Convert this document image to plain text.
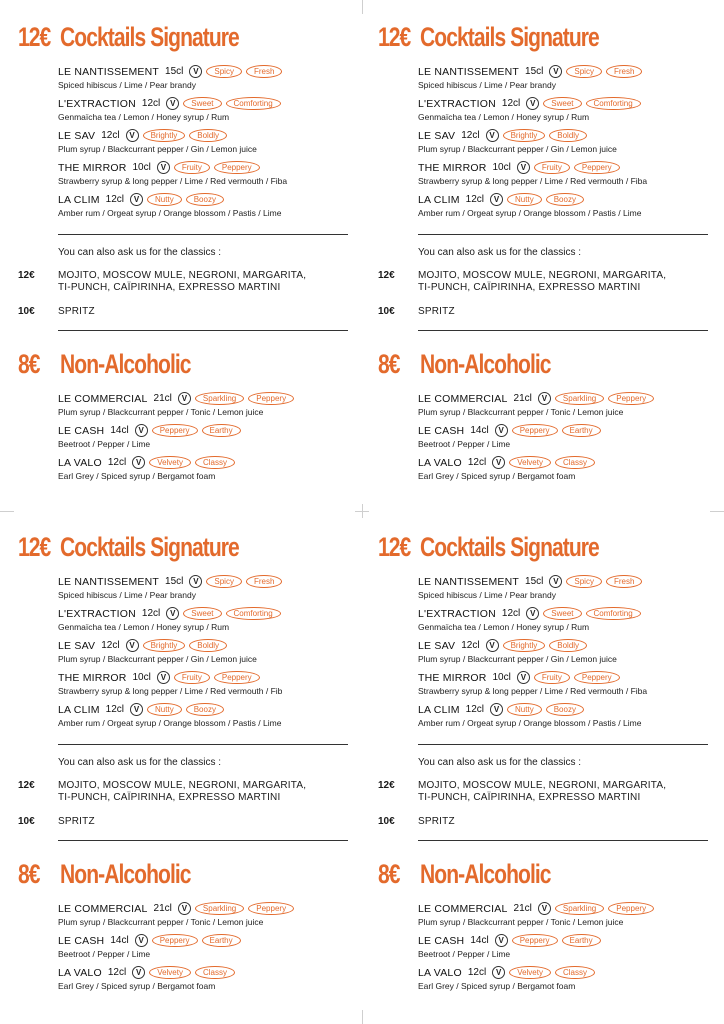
12€ Cocktails Signature
LE NANTISSEMENT 15cl	V	Spicy	Fresh
Spiced hibiscus / Lime / Pear brandy
L'EXTRACTION 12cl	V	Sweet	Comforting
Genmaïcha tea / Lemon / Honey syrup / Rum
LE SAV 12cl	V	Brightly	Boldly
Plum syrup / Blackcurrant pepper / Gin / Lemon juice
THE MIRROR 10cl	V	Fruity	Peppery
Strawberry syrup & long pepper / Lime / Red vermouth / Fiba
LA CLIM 12cl	V	Nutty	Boozy
Amber rum / Orgeat syrup / Orange blossom / Pastis / Lime
You can also ask us for the classics :
12€	MOJITO, MOSCOW MULE, NEGRONI, MARGARITA, TI-PUNCH, CAÏPIRINHA, EXPRESSO MARTINI
10€	SPRITZ
8€ Non-Alcoholic
LE COMMERCIAL 21cl	V	Sparkling	Peppery
Plum syrup / Blackcurrant pepper / Tonic / Lemon juice
LE CASH 14cl	V	Peppery	Earthy
Beetroot / Pepper / Lime
LA VALO 12cl	V	Velvety	Classy
Earl Grey / Spiced syrup / Bergamot foam
12€ Cocktails Signature
LE NANTISSEMENT 15cl	V	Spicy	Fresh
Spiced hibiscus / Lime / Pear brandy
L'EXTRACTION 12cl	V	Sweet	Comforting
Genmaïcha tea / Lemon / Honey syrup / Rum
LE SAV 12cl	V	Brightly	Boldly
Plum syrup / Blackcurrant pepper / Gin / Lemon juice
THE MIRROR 10cl	V	Fruity	Peppery
Strawberry syrup & long pepper / Lime / Red vermouth / Fiba
LA CLIM 12cl	V	Nutty	Boozy
Amber rum / Orgeat syrup / Orange blossom / Pastis / Lime
You can also ask us for the classics :
12€	MOJITO, MOSCOW MULE, NEGRONI, MARGARITA, TI-PUNCH, CAÏPIRINHA, EXPRESSO MARTINI
10€	SPRITZ
8€ Non-Alcoholic
LE COMMERCIAL 21cl	V	Sparkling	Peppery
Plum syrup / Blackcurrant pepper / Tonic / Lemon juice
LE CASH 14cl	V	Peppery	Earthy
Beetroot / Pepper / Lime
LA VALO 12cl	V	Velvety	Classy
Earl Grey / Spiced syrup / Bergamot foam
12€ Cocktails Signature
LE NANTISSEMENT 15cl	V	Spicy	Fresh
Spiced hibiscus / Lime / Pear brandy
L'EXTRACTION 12cl	V	Sweet	Comforting
Genmaïcha tea / Lemon / Honey syrup / Rum
LE SAV 12cl	V	Brightly	Boldly
Plum syrup / Blackcurrant pepper / Gin / Lemon juice
THE MIRROR 10cl	V	Fruity	Peppery
Strawberry syrup & long pepper / Lime / Red vermouth / Fib
LA CLIM 12cl	V	Nutty	Boozy
Amber rum / Orgeat syrup / Orange blossom / Pastis / Lime
You can also ask us for the classics :
12€	MOJITO, MOSCOW MULE, NEGRONI, MARGARITA, TI-PUNCH, CAÏPIRINHA, EXPRESSO MARTINI
10€	SPRITZ
8€ Non-Alcoholic
LE COMMERCIAL 21cl	V	Sparkling	Peppery
Plum syrup / Blackcurrant pepper / Tonic / Lemon juice
LE CASH 14cl	V	Peppery	Earthy
Beetroot / Pepper / Lime
LA VALO 12cl	V	Velvety	Classy
Earl Grey / Spiced syrup / Bergamot foam
12€ Cocktails Signature
LE NANTISSEMENT 15cl	V	Spicy	Fresh
Spiced hibiscus / Lime / Pear brandy
L'EXTRACTION 12cl	V	Sweet	Comforting
Genmaïcha tea / Lemon / Honey syrup / Rum
LE SAV 12cl	V	Brightly	Boldly
Plum syrup / Blackcurrant pepper / Gin / Lemon juice
THE MIRROR 10cl	V	Fruity	Peppery
Strawberry syrup & long pepper / Lime / Red vermouth / Fiba
LA CLIM 12cl	V	Nutty	Boozy
Amber rum / Orgeat syrup / Orange blossom / Pastis / Lime
You can also ask us for the classics :
12€	MOJITO, MOSCOW MULE, NEGRONI, MARGARITA, TI-PUNCH, CAÏPIRINHA, EXPRESSO MARTINI
10€	SPRITZ
8€ Non-Alcoholic
LE COMMERCIAL 21cl	V	Sparkling	Peppery
Plum syrup / Blackcurrant pepper / Tonic / Lemon juice
LE CASH 14cl	V	Peppery	Earthy
Beetroot / Pepper / Lime
LA VALO 12cl	V	Velvety	Classy
Earl Grey / Spiced syrup / Bergamot foam
